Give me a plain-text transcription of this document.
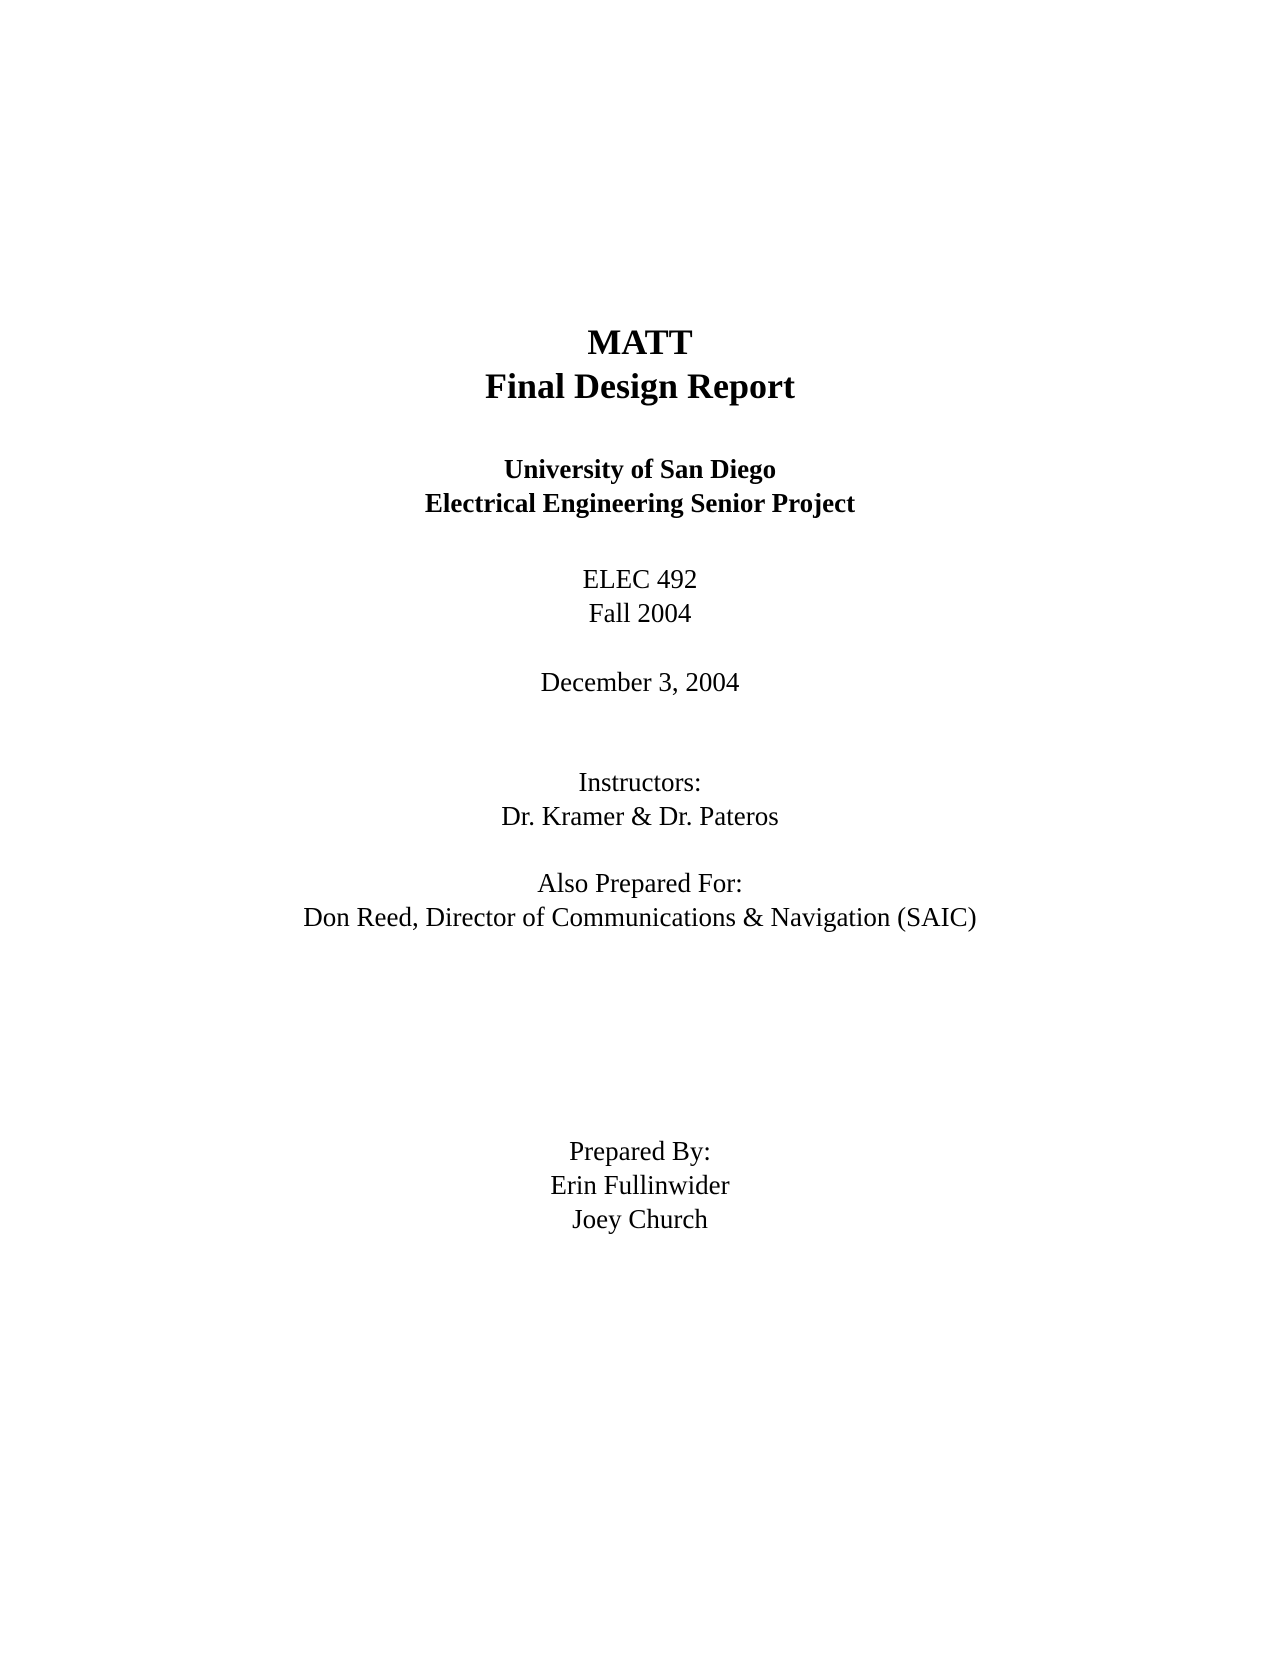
MATT
Final Design Report
University of San Diego
Electrical Engineering Senior Project
ELEC 492
Fall 2004
December 3, 2004
Instructors:
Dr. Kramer & Dr. Pateros
Also Prepared For:
Don Reed, Director of Communications & Navigation (SAIC)
Prepared By:
Erin Fullinwider
Joey Church
